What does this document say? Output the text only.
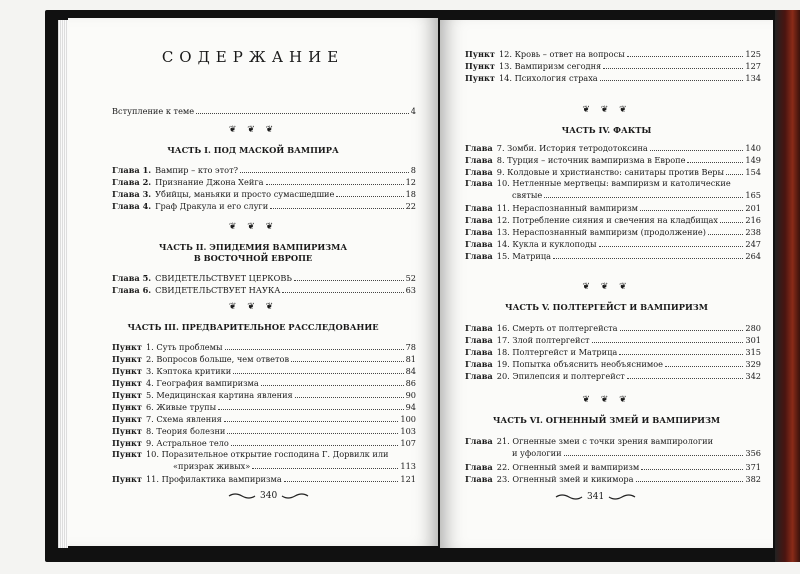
СОДЕРЖАНИЕ
Вступление к теме	4
❦ ❦ ❦
ЧАСТЬ I. ПОД МАСКОЙ ВАМПИРА
Глава 1. Вампир – кто этот?	8
Глава 2. Признание Джона Хейга	12
Глава 3. Убийцы, маньяки и просто сумасшедшие	18
Глава 4. Граф Дракула и его слуги	22
❦ ❦ ❦
ЧАСТЬ II. ЭПИДЕМИЯ ВАМПИРИЗМА
В ВОСТОЧНОЙ ЕВРОПЕ
Глава 5. СВИДЕТЕЛЬСТВУЕТ ЦЕРКОВЬ	52
Глава 6. СВИДЕТЕЛЬСТВУЕТ НАУКА	63
❦ ❦ ❦
ЧАСТЬ III. ПРЕДВАРИТЕЛЬНОЕ РАССЛЕДОВАНИЕ
Пункт 1. Суть проблемы	78
Пункт 2. Вопросов больше, чем ответов	81
Пункт 3. Кэптока критики	84
Пункт 4. География вампиризма	86
Пункт 5. Медицинская картина явления	90
Пункт 6. Живые трупы	94
Пункт 7. Схема явления	100
Пункт 8. Теория болезни	103
Пункт 9. Астральное тело	107
Пункт 10. Поразительное открытие господина Г. Дорвилк или
«призрак живых»	113
Пункт 11. Профилактика вампиризма	121
340
Пункт 12. Кровь – ответ на вопросы	125
Пункт 13. Вампиризм сегодня	127
Пункт 14. Психология страха	134
❦ ❦ ❦
ЧАСТЬ IV. ФАКТЫ
Глава 7. Зомби. История тетродотоксина	140
Глава 8. Турция – источник вампиризма в Европе	149
Глава 9. Колдовые и христианство: санитары против Веры	154
Глава 10. Нетленные мертвецы: вампиризм и католические
святые	165
Глава 11. Нераспознанный вампиризм	201
Глава 12. Потребление сияния и свечения на кладбищах	216
Глава 13. Нераспознанный вампиризм (продолжение)	238
Глава 14. Кукла и куклоподы	247
Глава 15. Матрица	264
❦ ❦ ❦
ЧАСТЬ V. ПОЛТЕРГЕЙСТ И ВАМПИРИЗМ
Глава 16. Смерть от полтергейста	280
Глава 17. Злой полтергейст	301
Глава 18. Полтергейст и Матрица	315
Глава 19. Попытка объяснить необъяснимое	329
Глава 20. Эпилепсия и полтергейст	342
❦ ❦ ❦
ЧАСТЬ VI. ОГНЕННЫЙ ЗМЕЙ И ВАМПИРИЗМ
Глава 21. Огненные змеи с точки зрения вампирологии
и уфологии	356
Глава 22. Огненный змей и вампиризм	371
Глава 23. Огненный змей и кикимора	382
341
